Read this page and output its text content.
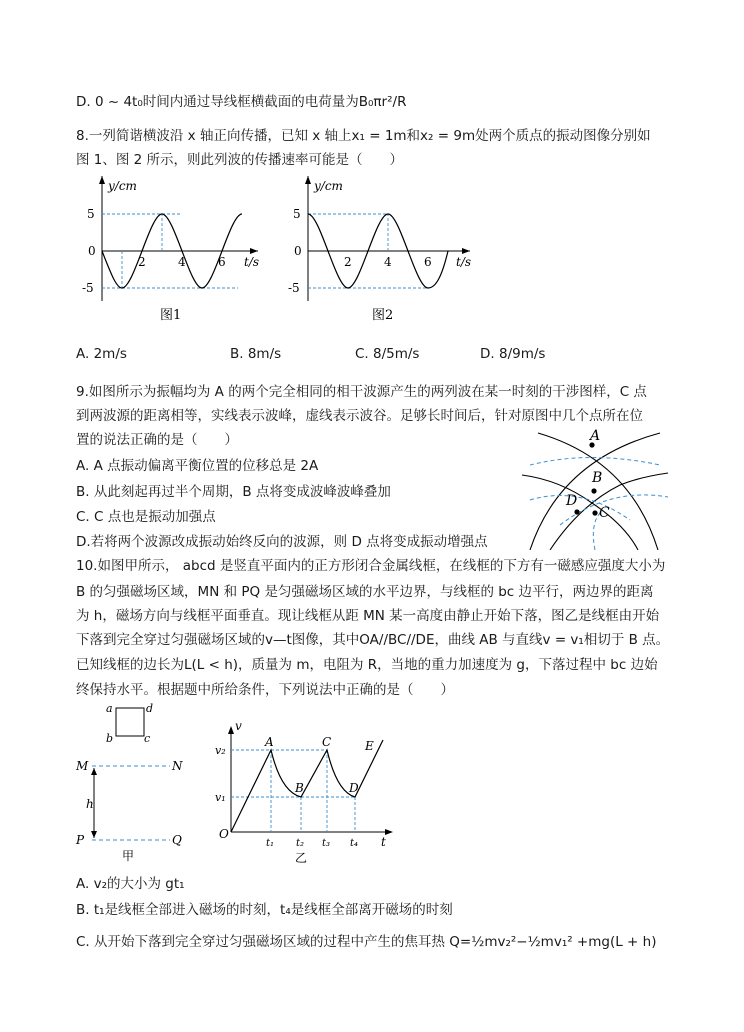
D. 0 ~ 4t₀时间内通过导线框横截面的电荷量为B₀πr²/R
8.一列简谐横波沿 x 轴正向传播，已知 x 轴上x₁ = 1m和x₂ = 9m处两个质点的振动图像分别如
图 1、图 2 所示，则此列波的传播速率可能是（　　）
y/cm
t/s
5
0
-5
2	4	6
图1
y/cm
t/s
5
0
-5
2	4	6
图2
A. 2m/s	B. 8m/s	C. 8/5m/s	D. 8/9m/s
9.如图所示为振幅均为 A 的两个完全相同的相干波源产生的两列波在某一时刻的干涉图样，C 点
到两波源的距离相等，实线表示波峰，虚线表示波谷。足够长时间后，针对原图中几个点所在位
置的说法正确的是（　　）
A. A 点振动偏离平衡位置的位移总是 2A
B. 从此刻起再过半个周期，B 点将变成波峰波峰叠加
C. C 点也是振动加强点
D.若将两个波源改成振动始终反向的波源，则 D 点将变成振动增强点
A
B
C
D
10.如图甲所示， abcd 是竖直平面内的正方形闭合金属线框，在线框的下方有一磁感应强度大小为
B 的匀强磁场区域，MN 和 PQ 是匀强磁场区域的水平边界，与线框的 bc 边平行，两边界的距离
为 h，磁场方向与线框平面垂直。现让线框从距 MN 某一高度由静止开始下落，图乙是线框由开始
下落到完全穿过匀强磁场区域的v—t图像，其中OA//BC//DE，曲线 AB 与直线v = v₁相切于 B 点。
已知线框的边长为L(L < h)，质量为 m，电阻为 R，当地的重力加速度为 g，下落过程中 bc 边始
终保持水平。根据题中所给条件，下列说法中正确的是（　　）
a	d
b	c
M	N
h
P	Q
甲
v
v₂
v₁
A
B
C
D
E
O
t₁ t₂ t₃ t₄ t
乙
A. v₂的大小为 gt₁
B. t₁是线框全部进入磁场的时刻，t₄是线框全部离开磁场的时刻
C. 从开始下落到完全穿过匀强磁场区域的过程中产生的焦耳热 Q=½mv₂²−½mv₁² +mg(L + h)
